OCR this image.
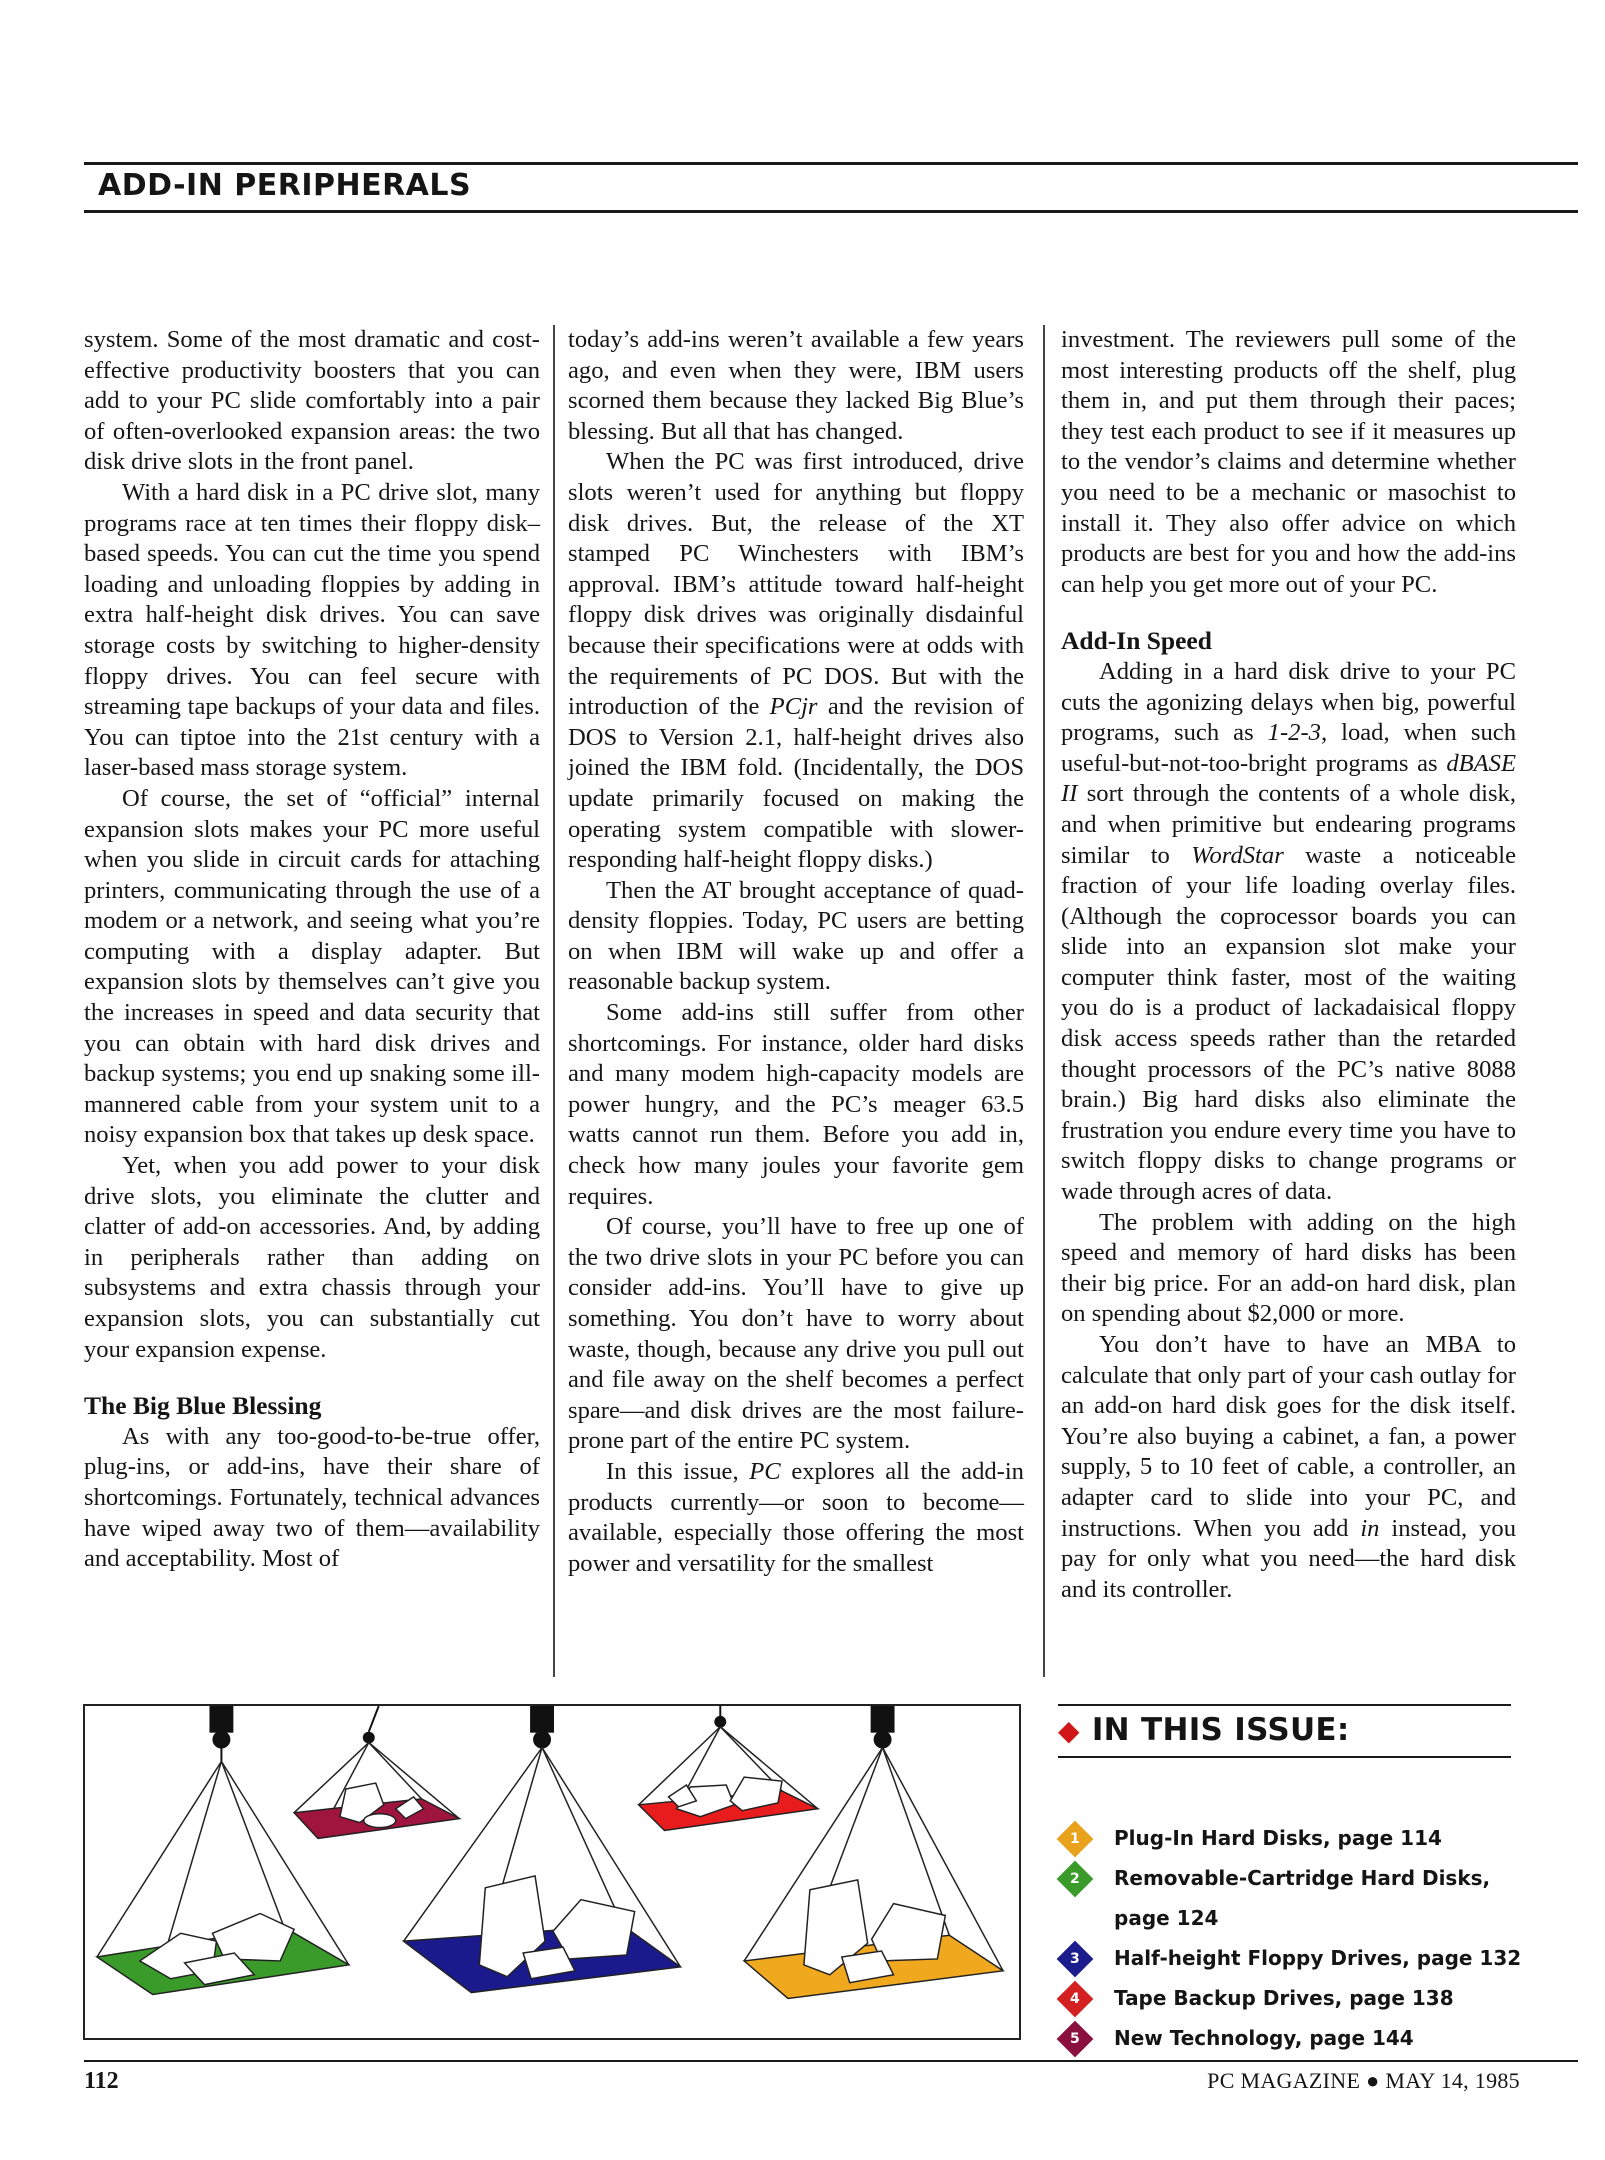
ADD-IN PERIPHERALS

system. Some of the most dramatic and cost-effective productivity boosters that you can add to your PC slide comfortably into a pair of often-overlooked expansion areas: the two disk drive slots in the front panel.

With a hard disk in a PC drive slot, many programs race at ten times their floppy disk–based speeds. You can cut the time you spend loading and unloading floppies by adding in extra half-height disk drives. You can save storage costs by switching to higher-density floppy drives. You can feel secure with streaming tape backups of your data and files. You can tiptoe into the 21st century with a laser-based mass storage system.

Of course, the set of “official” internal expansion slots makes your PC more useful when you slide in circuit cards for attaching printers, communicating through the use of a modem or a network, and seeing what you’re computing with a display adapter. But expansion slots by themselves can’t give you the increases in speed and data security that you can obtain with hard disk drives and backup systems; you end up snaking some ill-mannered cable from your system unit to a noisy expansion box that takes up desk space.

Yet, when you add power to your disk drive slots, you eliminate the clutter and clatter of add-on accessories. And, by adding in peripherals rather than adding on subsystems and extra chassis through your expansion slots, you can substantially cut your expansion expense.

The Big Blue Blessing

As with any too-good-to-be-true offer, plug-ins, or add-ins, have their share of shortcomings. Fortunately, technical advances have wiped away two of them—availability and acceptability. Most of

today’s add-ins weren’t available a few years ago, and even when they were, IBM users scorned them because they lacked Big Blue’s blessing. But all that has changed.

When the PC was first introduced, drive slots weren’t used for anything but floppy disk drives. But, the release of the XT stamped PC Winchesters with IBM’s approval. IBM’s attitude toward half-height floppy disk drives was originally disdainful because their specifications were at odds with the requirements of PC DOS. But with the introduction of the PCjr and the revision of DOS to Version 2.1, half-height drives also joined the IBM fold. (Incidentally, the DOS update primarily focused on making the operating system compatible with slower-responding half-height floppy disks.)

Then the AT brought acceptance of quad-density floppies. Today, PC users are betting on when IBM will wake up and offer a reasonable backup system.

Some add-ins still suffer from other shortcomings. For instance, older hard disks and many modem high-capacity models are power hungry, and the PC’s meager 63.5 watts cannot run them. Before you add in, check how many joules your favorite gem requires.

Of course, you’ll have to free up one of the two drive slots in your PC before you can consider add-ins. You’ll have to give up something. You don’t have to worry about waste, though, because any drive you pull out and file away on the shelf becomes a perfect spare—and disk drives are the most failure-prone part of the entire PC system.

In this issue, PC explores all the add-in products currently—or soon to become—available, especially those offering the most power and versatility for the smallest

investment. The reviewers pull some of the most interesting products off the shelf, plug them in, and put them through their paces; they test each product to see if it measures up to the vendor’s claims and determine whether you need to be a mechanic or masochist to install it. They also offer advice on which products are best for you and how the add-ins can help you get more out of your PC.

Add-In Speed

Adding in a hard disk drive to your PC cuts the agonizing delays when big, powerful programs, such as 1-2-3, load, when such useful-but-not-too-bright programs as dBASE II sort through the contents of a whole disk, and when primitive but endearing programs similar to WordStar waste a noticeable fraction of your life loading overlay files. (Although the coprocessor boards you can slide into an expansion slot make your computer think faster, most of the waiting you do is a product of lackadaisical floppy disk access speeds rather than the retarded thought processors of the PC’s native 8088 brain.) Big hard disks also eliminate the frustration you endure every time you have to switch floppy disks to change programs or wade through acres of data.

The problem with adding on the high speed and memory of hard disks has been their big price. For an add-on hard disk, plan on spending about $2,000 or more.

You don’t have to have an MBA to calculate that only part of your cash outlay for an add-on hard disk goes for the disk itself. You’re also buying a cabinet, a fan, a power supply, 5 to 10 feet of cable, a controller, an adapter card to slide into your PC, and instructions. When you add in instead, you pay for only what you need—the hard disk and its controller.

◆ IN THIS ISSUE:
1 Plug-In Hard Disks, page 114
2 Removable-Cartridge Hard Disks, page 124
3 Half-height Floppy Drives, page 132
4 Tape Backup Drives, page 138
5 New Technology, page 144
112	PC MAGAZINE ● MAY 14, 1985
